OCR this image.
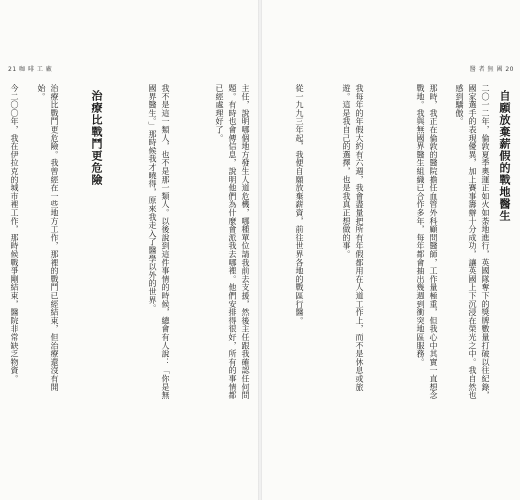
21 咖 啡 工 廠
今二〇〇年，我在伊拉克的城市裡工作，那時候戰爭剛結束，醫院非常缺乏物資。	治療比戰鬥更危險。我曾經在一些地方工作，那裡的戰鬥已經結束，但治療還沒有開始。	治療比戰鬥更危險	我不是這一類人，也不是那一類人。以後說到這件事情的時候，總會有人說：「你是無國界醫生。」那時候我才曉得，原來我走入了醫學以外的世界。	主任，說明哪個地方發生人道危機，哪種單位請我前去支援，然後主任跟我確認任何問題。有時也會傳信息，說明他們為什麼會派我去哪裡。他們安排得很好，所有的事情都已經處理好了。
醫 者 無 國 20
從一九九三年起，我便自願放棄薪資，前往世界各地的戰區行醫。	我每年的年假大約有六週，我會盡量把所有年假都用在人道工作上，而不是休息或旅遊。這是我自己的選擇，也是我真正想做的事。	那時，我正在倫敦的醫院擔任血管外科顧問醫師，工作量極重，但我心中其實一直想念戰地。我與無國界醫生組織已合作多年，每年都會抽出幾週到衝突地區服務。	二〇一二年，倫敦夏季奧運正如火如荼地進行，英國隊奪下的獎牌數量打破以往紀錄，國家選手的表現優異，加上賽事籌辦十分成功，讓英國上下沉浸在榮光之中。我自然也感到驕傲。	自願放棄薪假的戰地醫生
